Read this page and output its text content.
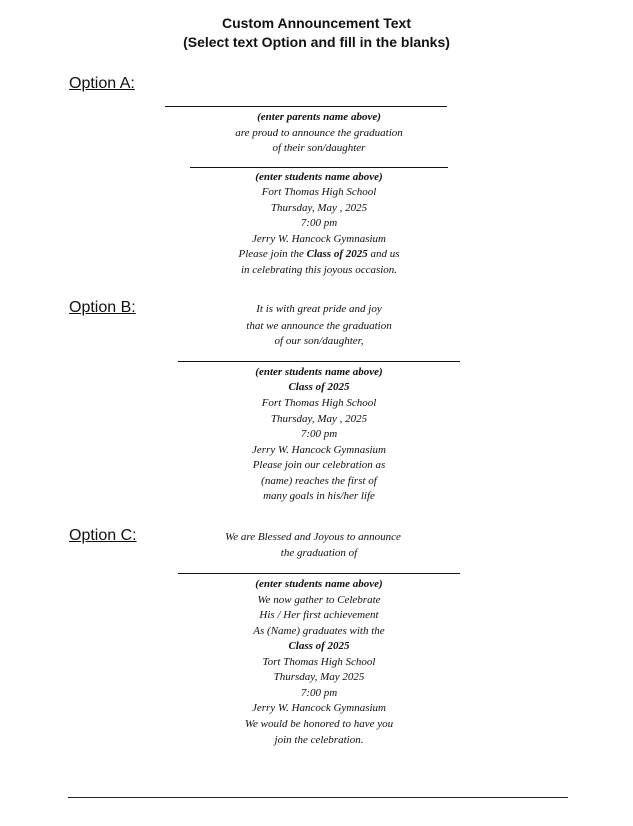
Custom Announcement Text
(Select text Option and fill in the blanks)
Option A:
(enter parents name above)
are proud to announce the graduation
of their son/daughter
(enter students name above)
Fort Thomas High School
Thursday, May , 2025
7:00 pm
Jerry W. Hancock Gymnasium
Please join the Class of 2025 and us
in celebrating this joyous occasion.
Option B:	It is with great pride and joy
that we announce the graduation
of our son/daughter,
(enter students name above)
Class of 2025
Fort Thomas High School
Thursday, May , 2025
7:00 pm
Jerry W. Hancock Gymnasium
Please join our celebration as
(name) reaches the first of
many goals in his/her life
Option C:	We are Blessed and Joyous to announce
the graduation of
(enter students name above)
We now gather to Celebrate
His / Her first achievement
As (Name) graduates with the
Class of 2025
Tort Thomas High School
Thursday, May 2025
7:00 pm
Jerry W. Hancock Gymnasium
We would be honored to have you
join the celebration.
